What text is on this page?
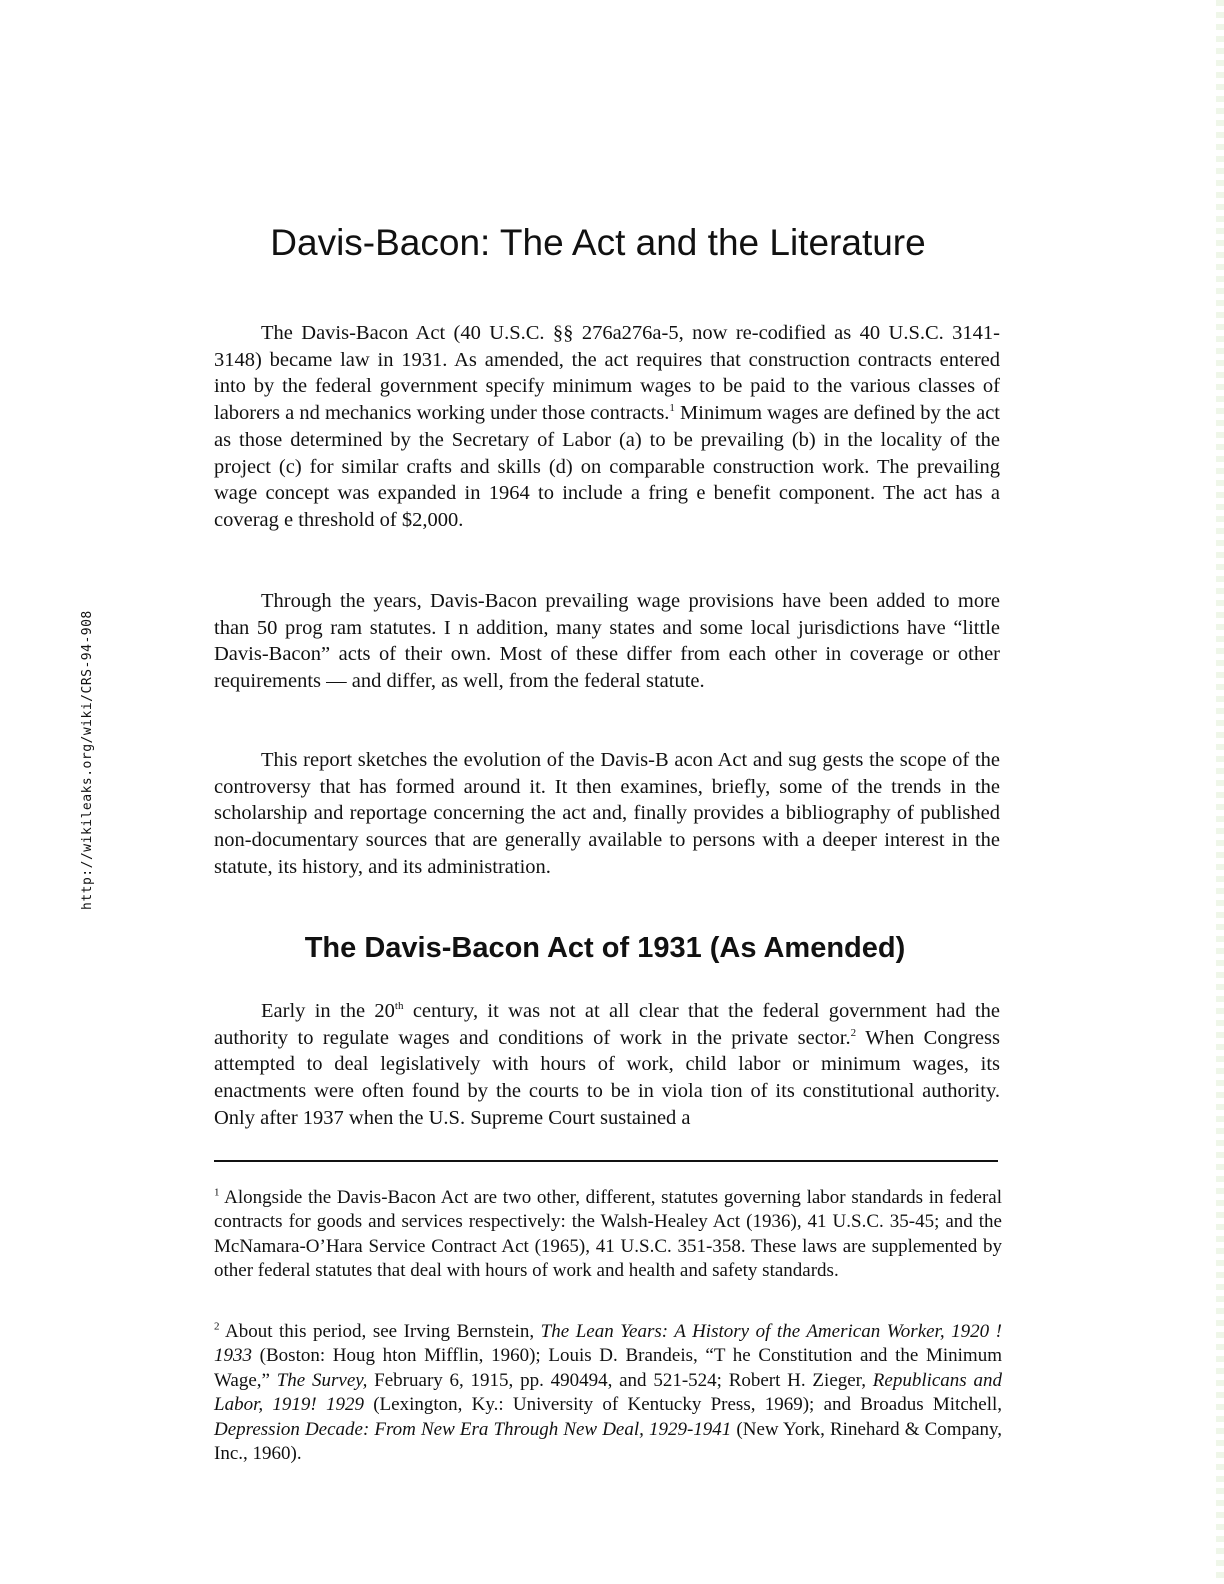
http://wikileaks.org/wiki/CRS-94-908
Davis-Bacon: The Act and the Literature

The Davis-Bacon Act (40 U.S.C. §§ 276a276a-5, now re-codified as 40 U.S.C. 3141-3148) became law in 1931. As amended, the act requires that construction contracts entered into by the federal government specify minimum wages to be paid to the various classes of laborers a nd mechanics working under those contracts.$^1$ Minimum wages are defined by the act as those determined by the Secretary of Labor (a) to be prevailing (b) in the locality of the project (c) for similar crafts and skills (d) on comparable construction work. The prevailing wage concept was expanded in 1964 to include a fring e benefit component. The act has a coverag e threshold of $2,000.

Through the years, Davis-Bacon prevailing wage provisions have been added to more than 50 prog ram statutes. I n addition, many states and some local jurisdictions have “little Davis-Bacon” acts of their own. Most of these differ from each other in coverage or other requirements — and differ, as well, from the federal statute.

This report sketches the evolution of the Davis-B acon Act and sug gests the scope of the controversy that has formed around it. It then examines, briefly, some of the trends in the scholarship and reportage concerning the act and, finally provides a bibliography of published non-documentary sources that are generally available to persons with a deeper interest in the statute, its history, and its administration.

The Davis-Bacon Act of 1931 (As Amended)

Early in the 20th century, it was not at all clear that the federal government had the authority to regulate wages and conditions of work in the private sector.$^2$ When Congress attempted to deal legislatively with hours of work, child labor or minimum wages, its enactments were often found by the courts to be in viola tion of its constitutional authority. Only after 1937 when the U.S. Supreme Court sustained a

$^1$ Alongside the Davis-Bacon Act are two other, different, statutes governing labor standards in federal contracts for goods and services respectively: the Walsh-Healey Act (1936), 41 U.S.C. 35-45; and the McNamara-O’Hara Service Contract Act (1965), 41 U.S.C. 351-358. These laws are supplemented by other federal statutes that deal with hours of work and health and safety standards.

$^2$ About this period, see Irving Bernstein, The Lean Years: A History of the American Worker, 1920 ! 1933 (Boston: Houg hton Mifflin, 1960); Louis D. Brandeis, “T he Constitution and the Minimum Wage,” The Survey, February 6, 1915, pp. 490494, and 521-524; Robert H. Zieger, Republicans and Labor, 1919! 1929 (Lexington, Ky.: University of Kentucky Press, 1969); and Broadus Mitchell, Depression Decade: From New Era Through New Deal, 1929-1941 (New York, Rinehard & Company, Inc., 1960).
